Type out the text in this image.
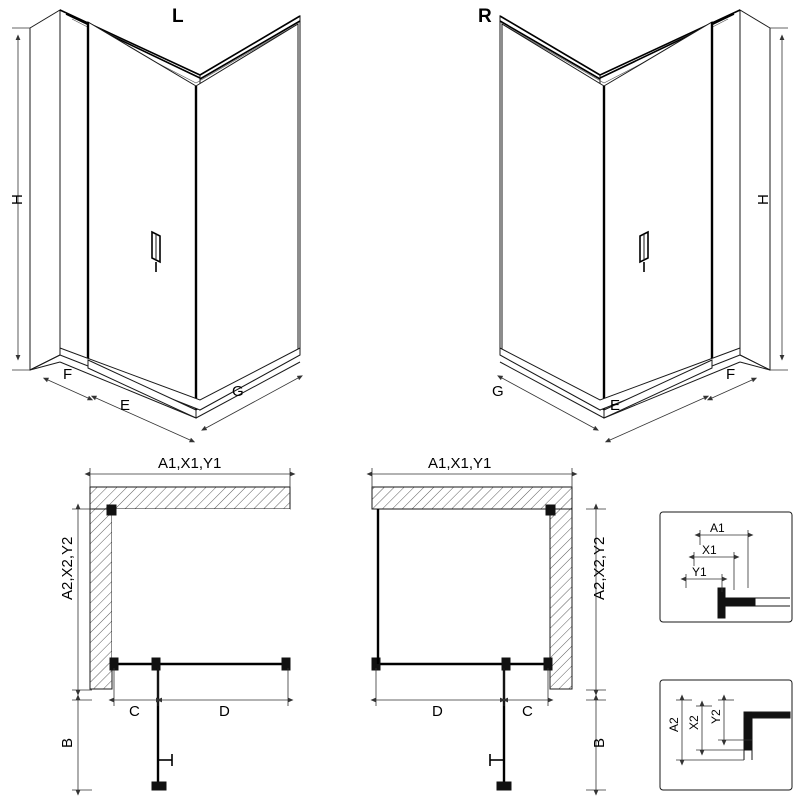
H
F
E
G
L
H
F
E
G
R
A1,X1,Y1
A2,X2,Y2
C	D
B
A1,X1,Y1
A2,X2,Y2
D	C
B
A1
X1
Y1
A2 X2 Y2
